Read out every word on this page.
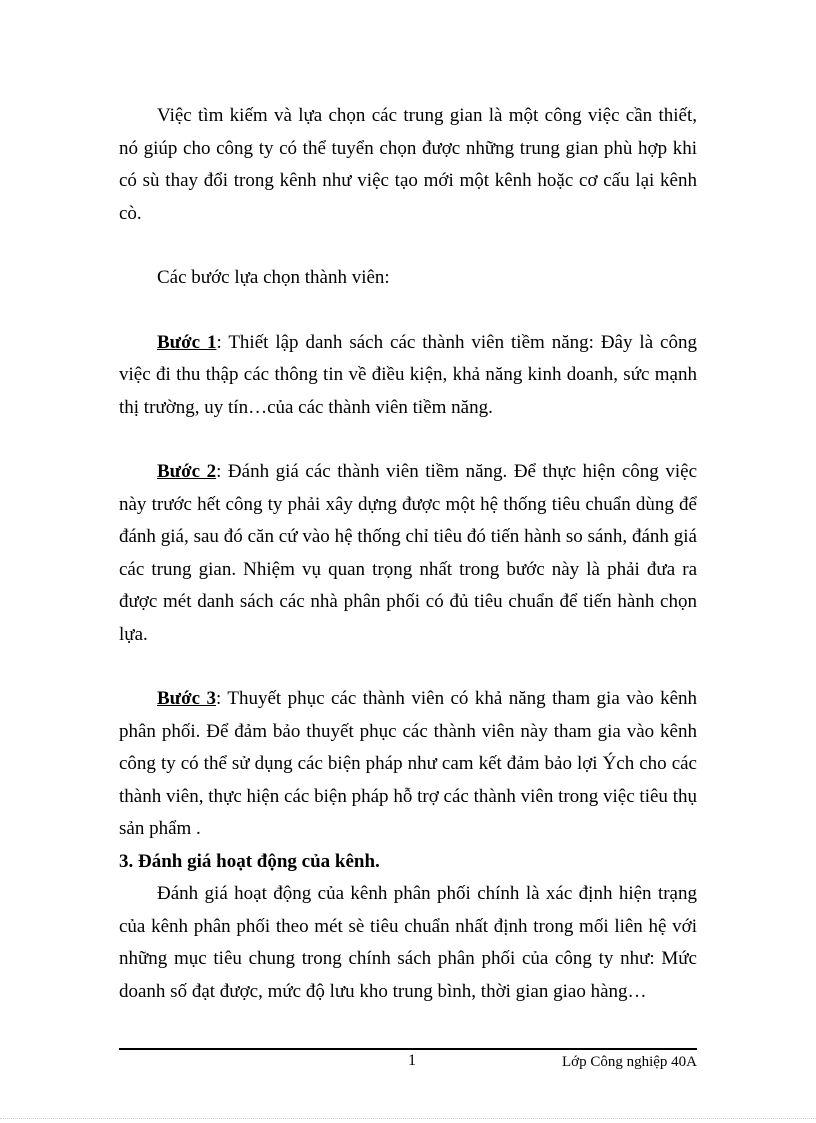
Việc tìm kiếm và lựa chọn các trung gian là một công việc cần thiết, nó giúp cho công ty có thể tuyển chọn được những trung gian phù hợp khi có sù thay đổi trong kênh như việc tạo mới một kênh hoặc cơ cấu lại kênh cò.

Các bước lựa chọn thành viên:

Bước 1: Thiết lập danh sách các thành viên tiềm năng: Đây là công việc đi thu thập các thông tin về điều kiện, khả năng kinh doanh, sức mạnh thị trường, uy tín…của các thành viên tiềm năng.

Bước 2: Đánh giá các thành viên tiềm năng. Để thực hiện công việc này trước hết công ty phải xây dựng được một hệ thống tiêu chuẩn dùng để đánh giá, sau đó căn cứ vào hệ thống chỉ tiêu đó tiến hành so sánh, đánh giá các trung gian. Nhiệm vụ quan trọng nhất trong bước này là phải đưa ra được mét danh sách các nhà phân phối có đủ tiêu chuẩn để tiến hành chọn lựa.

Bước 3: Thuyết phục các thành viên có khả năng tham gia vào kênh phân phối. Để đảm bảo thuyết phục các thành viên này tham gia vào kênh công ty có thể sử dụng các biện pháp như cam kết đảm bảo lợi Ých cho các thành viên, thực hiện các biện pháp hỗ trợ các thành viên trong việc tiêu thụ sản phẩm .

3. Đánh giá hoạt động của kênh.

Đánh giá hoạt động của kênh phân phối chính là xác định hiện trạng của kênh phân phối theo mét sè tiêu chuẩn nhất định trong mối liên hệ với những mục tiêu chung trong chính sách phân phối của công ty như: Mức doanh số đạt được, mức độ lưu kho trung bình, thời gian giao hàng…

1	Lớp Công nghiệp 40A
